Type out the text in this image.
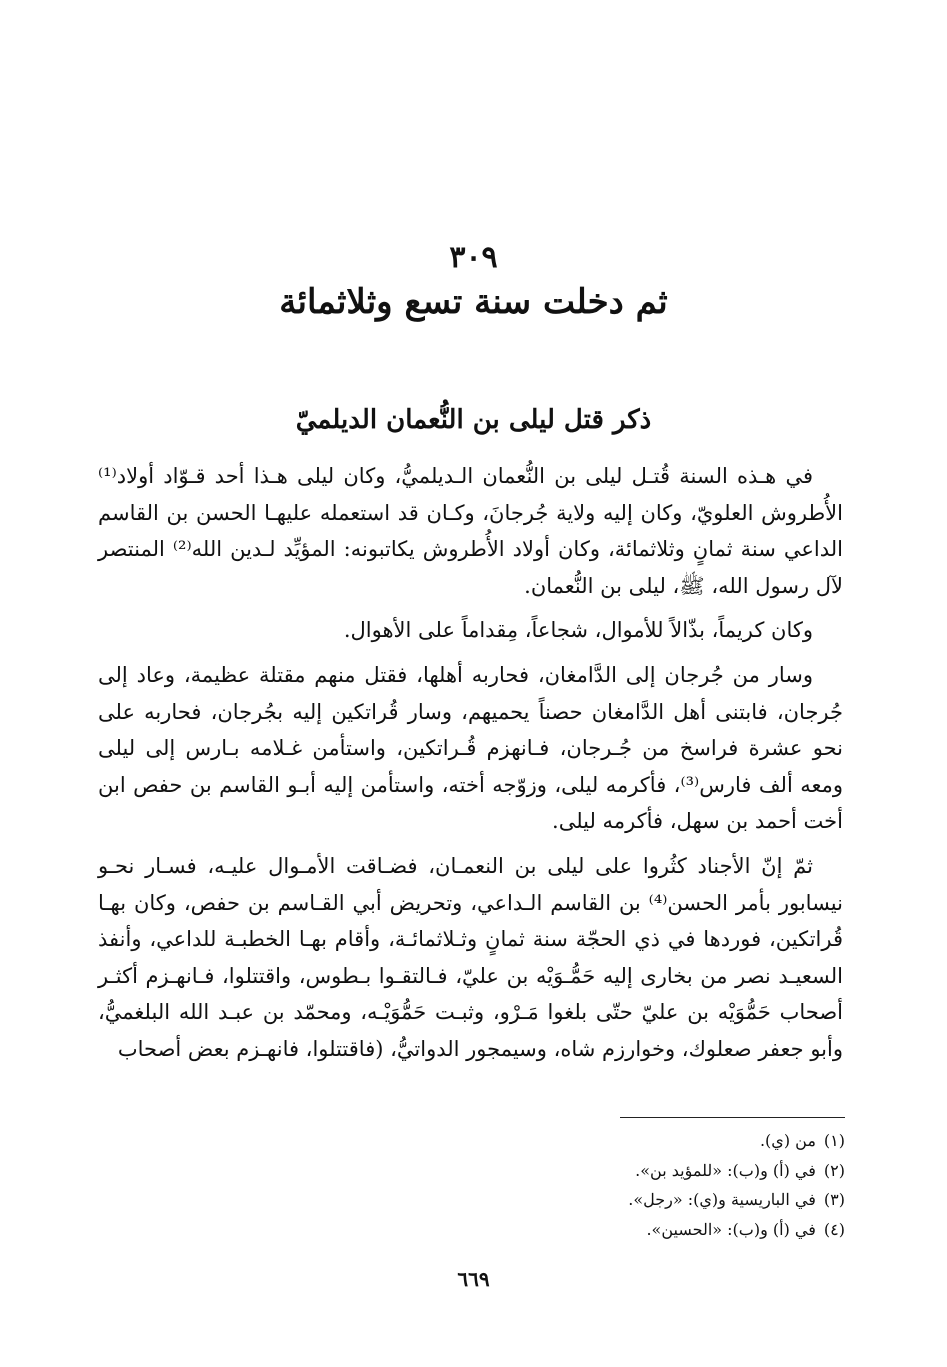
٣٠٩
ثم دخلت سنة تسع وثلاثمائة
ذكر قتل ليلى بن النُّعمان الديلميّ

في هـذه السنة قُتـل ليلى بن النُّعمان الـديلميُّ، وكان ليلى هـذا أحد قـوّاد أولاد⁽¹⁾ الأُطروش العلويّ، وكان إليه ولاية جُرجانَ، وكـان قد استعمله عليهـا الحسن بن القاسم الداعي سنة ثمانٍ وثلاثمائة، وكان أولاد الأُطروش يكاتبونه: المؤيِّد لـدين الله⁽²⁾ المنتصر لآل رسول الله، ﷺ، ليلى بن النُّعمان.

وكان كريماً، بذّالاً للأموال، شجاعاً، مِقداماً على الأهوال.

وسار من جُرجان إلى الدَّامغان، فحاربه أهلها، فقتل منهم مقتلة عظيمة، وعاد إلى جُرجان، فابتنى أهل الدَّامغان حصناً يحميهم، وسار قُراتكين إليه بجُرجان، فحاربه على نحو عشرة فراسخ من جُـرجان، فـانهزم قُـراتكين، واستأمن غـلامه بـارس إلى ليلى ومعه ألف فارس⁽³⁾، فأكرمه ليلى، وزوّجه أخته، واستأمن إليه أبـو القاسم بن حفص ابن أخت أحمد بن سهل، فأكرمه ليلى.

ثمّ إنّ الأجناد كثُروا على ليلى بن النعمـان، فضـاقت الأمـوال عليـه، فسـار نحـو نيسابور بأمر الحسن⁽⁴⁾ بن القاسم الـداعي، وتحريض أبي القـاسم بن حفص، وكان بهـا قُراتكين، فوردها في ذي الحجّة سنة ثمانٍ وثـلاثمائـة، وأقام بهـا الخطبـة للداعي، وأنفذ السعيـد نصر من بخارى إليه حَمُّـوَيْه بن عليّ، فـالتقـوا بـطوس، واقتتلوا، فـانهـزم أكثـر أصحاب حَمُّوَيْه بن عليّ حتّى بلغوا مَـرْو، وثبـت حَمُّوَيْـه، ومحمّد بن عبـد الله البلغميُّ، وأبو جعفر صعلوك، وخوارزم شاه، وسيمجور الدواتيُّ، (فاقتتلوا، فانهـزم بعض أصحاب

(١)من (ي).
(٢)في (أ) و(ب): «للمؤيد بن».
(٣)في الباريسية و(ي): «رجل».
(٤)في (أ) و(ب): «الحسين».
٦٦٩
